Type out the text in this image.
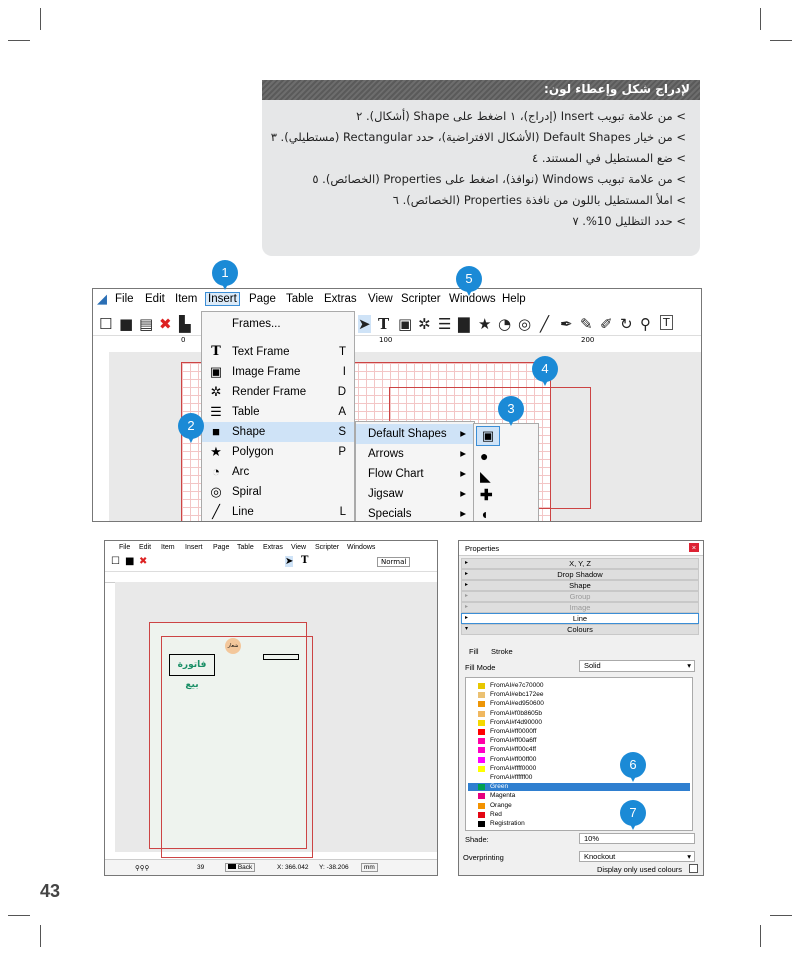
لإدراج شكل وإعطاء لون:
> من علامة تبويب Insert (إدراج)، ١ اضغط على Shape (أشكال). ٢
> من خيار Default Shapes (الأشكال الافتراضية)، حدد Rectangular (مستطيلي). ٣
> ضع المستطيل في المستند. ٤
> من علامة تبويب Windows (نوافذ)، اضغط على Properties (الخصائص). ٥
> املأ المستطيل باللون من نافذة Properties (الخصائص). ٦
> حدد التظليل 10%. ٧
◢ File Edit Item Insert Page Table Extras View Scripter Windows Help
☐ ■ ▤ ✖ ▙	➤ T ▣ ✲ ☰ ▇ ★ ◔ ◎ ╱ ✒ ✎ ✐ ↻ ⚲ T
0	100	200
Frames...
T Text Frame	T
▣ Image Frame	I
✲ Render Frame	D
☰ Table	A
■	Shape	S
★ Polygon	P
◔	Arc
◎ Spiral
╱	Line	L
Default Shapes ▸
Arrows	▸
Flow Chart	▸
Jigsaw	▸
Specials	▸
▣
●
◣
✚
◖
1
2
3
4
5
File Edit Item Insert Page Table Extras View Scripter Windows
☐ ■ ✖	➤ T	Normal
شعار
فاتورة بيع
⚲⚲⚲	39	Back	X: 366.042 Y: -38.206	mm
Properties	×
▸	X, Y, Z
▸	Drop Shadow
▸	Shape
▸	Group
▸	Image
▸	Line
▾	Colours
Fill Stroke
Fill Mode	Solid	▾
FromAI#e7c70000
FromAI#ebc172ee
FromAI#ed950600
FromAI#f0b8605b
FromAI#f4d90000
FromAI#ff0000ff
FromAI#ff00a6ff
FromAI#ff00c4ff
FromAI#ff00ff00
FromAI#ffff0000
FromAI#ffffff00
Green
Magenta
Orange
Red
Registration
Shade:	10%
Overprinting	Knockout	▾
Display only used colours
6
7
43
